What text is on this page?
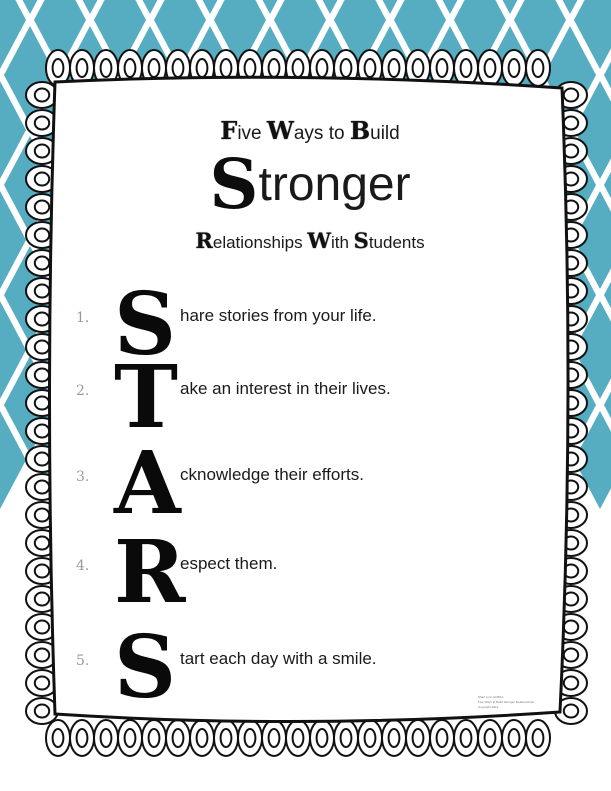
Five Ways to Build
Stronger
Relationships With Students
1. S hare stories from your life.
2. T ake an interest in their lives.
3. A cknowledge their efforts.
4. R
espect them.
5. S tart each day with a smile.
Shari Lynn Griffiths
Five Ways to Build Stronger Relationships
Copyright 2014
